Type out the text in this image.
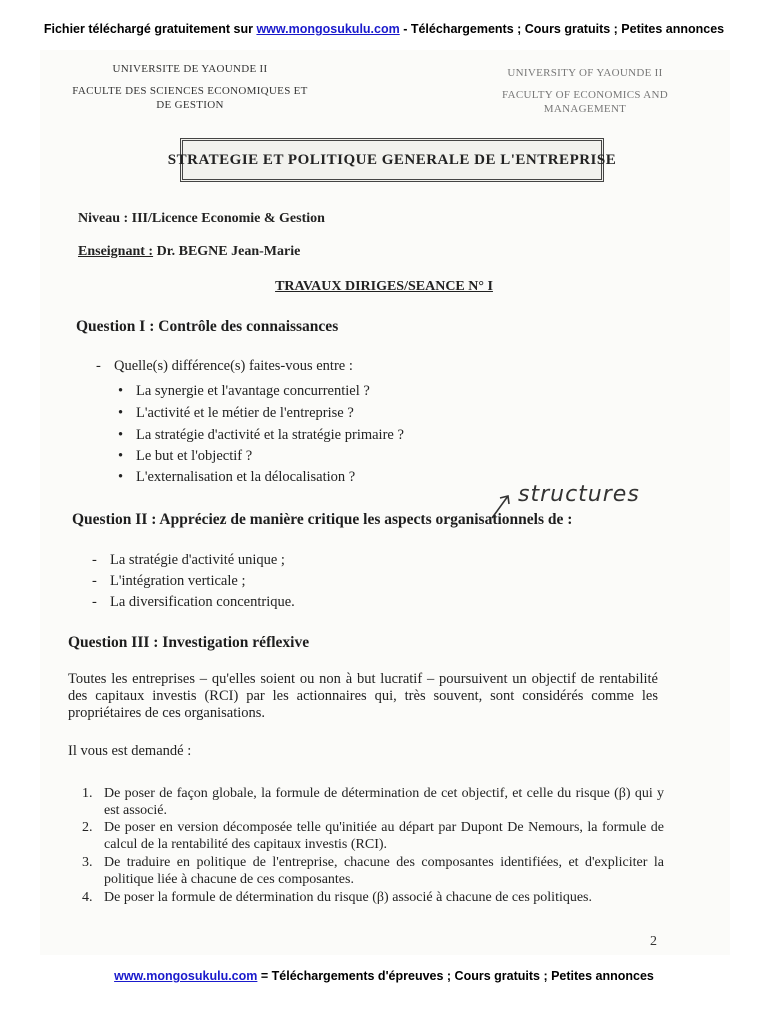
Fichier téléchargé gratuitement sur www.mongosukulu.com - Téléchargements ; Cours gratuits ; Petites annonces
UNIVERSITE DE YAOUNDE II
FACULTE DES SCIENCES ECONOMIQUES ET
DE GESTION
UNIVERSITY OF YAOUNDE II
FACULTY OF ECONOMICS AND
MANAGEMENT
STRATEGIE ET POLITIQUE GENERALE DE L'ENTREPRISE
Niveau : III/Licence Economie & Gestion
Enseignant : Dr. BEGNE Jean-Marie
TRAVAUX DIRIGES/SEANCE N° I
Question I : Contrôle des connaissances
- Quelle(s) différence(s) faites-vous entre :
• La synergie et l'avantage concurrentiel ?
• L'activité et le métier de l'entreprise ?
• La stratégie d'activité et la stratégie primaire ?
• Le but et l'objectif ?
• L'externalisation et la délocalisation ?
structures
Question II : Appréciez de manière critique les aspects organisationnels de :
- La stratégie d'activité unique ;
- L'intégration verticale ;
- La diversification concentrique.
Question III : Investigation réflexive
Toutes les entreprises – qu'elles soient ou non à but lucratif – poursuivent un objectif de rentabilité des capitaux investis (RCI) par les actionnaires qui, très souvent, sont considérés comme les propriétaires de ces organisations.
Il vous est demandé :
1. De poser de façon globale, la formule de détermination de cet objectif, et celle du risque (β) qui y est associé.
2. De poser en version décomposée telle qu'initiée au départ par Dupont De Nemours, la formule de calcul de la rentabilité des capitaux investis (RCI).
3. De traduire en politique de l'entreprise, chacune des composantes identifiées, et d'expliciter la politique liée à chacune de ces composantes.
4. De poser la formule de détermination du risque (β) associé à chacune de ces politiques.
2
www.mongosukulu.com = Téléchargements d'épreuves ; Cours gratuits ; Petites annonces
